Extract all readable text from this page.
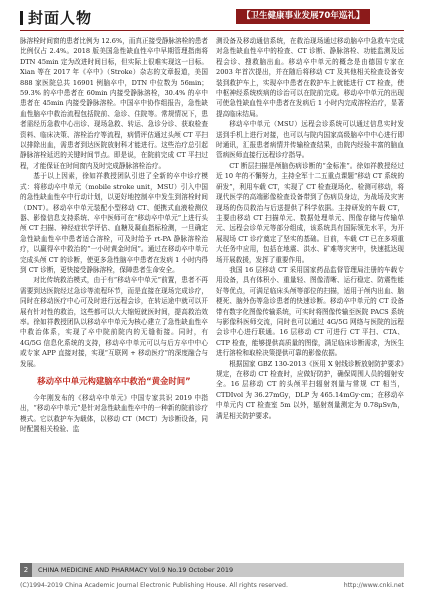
封面人物	【卫生健康事业发展70年巡礼】

脉溶栓时间窗的患者比例为 12.6%，而真正接受静脉溶栓的患者比例仅占 2.4%。2018 版美国急性缺血性卒中早期管理指南将 DTN 45min 定为改进时间目标，但实际上很难实现这一目标。Xian 等在 2017 年《卒中》（Stroke）杂志的文章报道，美国 888 家医院总共 16901 例脑卒中，DTN 中位数为 56min；59.3% 的卒中患者在 60min 内接受静脉溶栓，30.4% 的卒中患者在 45min 内接受静脉溶栓。中国卒中协作组报告，急性缺血性脑卒中救治流程包括院前、急诊、住院等。常规情况下，患者需经历急救中心出诊、现场急救、转运、急诊分诊、获取检查资料、临床决策、溶栓治疗等流程，病情评估通过头颅 CT 平扫以排除出血，需患者到达医院放射科才能进行。这些治疗总引起静脉溶栓延迟的关键时间节点。即是说，在院前完成 CT 平扫过程，才能保证在时间窗内及时完成静脉溶栓治疗。

基于以上因素，徐如祥教授团队引进了全新的卒中诊疗模式：将移动卒中单元（mobile stroke unit，MSU）引入中国的急性缺血性卒中行动计划，以更好地控制卒中发生到溶栓时间（DNT）。移动卒中单元装配小型移动 CT、便携式血液检测仪器、影像信息支持系统、卒中医师可在“移动卒中单元”上进行头颅 CT 扫描、神经症状学评估、血糖及凝血指标检测，一旦确定急性缺血性卒中患者适合溶栓，可及时给予 rt-PA 静脉溶栓治疗，以赢得卒中救治的“一小时黄金时间”。通过在移动卒中单元完成头颅 CT 的诊断，使更多急性脑卒中患者在发病 1 小时内得到 CT 诊断，更快接受静脉溶栓，保障患者生命安全。

对比传统救治模式，由于有“移动卒中单元”前置，患者不再需要到达医院经过急诊等流程环节，而是直接在现场完成诊疗，同时在移动医疗中心可及时进行远程会诊，在转运途中就可以开展有针对性的救治，这些都可以大大缩短就医时间，提高救治效率。徐如祥教授团队以移动卒中单元为核心建立了急性缺血性卒中救治体系，实现了卒中院前院内的无缝衔接。同时，有 4G/5G 信息化系统的支持，移动卒中单元可以与后方卒中中心或专家 APP 直接对接，实现“互联网 + 移动医疗”的深度融合与发展。

移动卒中单元构建脑卒中救治“黄金时间”

今年刚发布的《移动卒中单元》中国专家共识 2019 中指出，“移动卒中单元”是针对急性缺血性卒中的一种新的院前诊疗模式。它以救护车为载体，以移动 CT（MCT）为诊断设备，同时配置相关检验、监

测设备及移动通信系统，在救治现场通过移动脑卒中急救车完成对急性缺血性卒中的检查、CT 诊断、静脉溶栓、功能监测及远程会诊、搜救脑出血。移动卒中单元的概念是由德国专家在 2003 年首次提出，并在随后将移动 CT 及其他相关检查设备安装到救护车上，实现卒中患者在救护车上就能进行 CT 检查，使中枢神经系统疾病的诊治可以在院前完成。移动卒中单元的出现可使急性缺血性卒中患者在发病后 1 小时内完成溶栓治疗，显著提高临床结局。

移动卒中单元（MSU）远程会诊系统可以通过信息实时发送到手机上进行对接，也可以与院内国家高级脑卒中中心进行即时通讯，汇报患者病情并传输检查结果，由院内经验丰富的脑血管病医师直接行远程诊疗指导。

CT 断层扫描是颅脑伤病诊断的“金标准”。徐如祥教授经过近 10 年的不懈努力，主持全军十二五重点课题“移动 CT 系统的研发”，利用车载 CT，实现了 CT 检查现场化、检测可移动，将现代医学的高端影像检查设备带到了伤病员身边，为战场及灾害现场的伤员救治与后送提供了科学依据。主持研发的车载 CT，主要由移动 CT 扫描单元、数据处理单元、图像存储与传输单元、远程会诊单元等部分组成，该系统具有国际领先水平，为开展现场 CT 诊疗奠定了坚实的基础。目前，车载 CT 已在多项重大任务中应用，包括在地震、洪水、矿难等灾害中，快速抵达现场开展救援，发挥了重要作用。

我国 16 层移动 CT 采用国家药品监督管理局注册的车载专用设备，具有体积小、重量轻、图像清晰、运行稳定、防震性能好等优点，可满足临床头颅等部位的扫描，适用于颅内出血、脑梗死、脑外伤等急诊患者的快速诊断。移动卒中单元的 CT 设备带有数字化图像传输系统，可实时将图像传输至医院 PACS 系统与影像科医师交流，同时也可以通过 4G/5G 网络与医院的远程会诊中心进行联通。16 层移动 CT 可进行 CT 平扫、CTA、CTP 检查，能够提供高质量的图像，满足临床诊断需求，为医生进行溶栓和取栓决策提供可靠的影像依据。

根据国家 GBZ 130-2013《医用 X 射线诊断放射防护要求》规定，在移动 CT 检查时，应做好防护，确保周围人员的辐射安全。16 层移动 CT 的头颅平扫辐射剂量与常规 CT 相当，CTDIvol 为 36.27mGy，DLP 为 465.14mGy·cm；在移动卒中单元内 CT 检查室 5m 以外，辐射剂量测定为 0.78μSv/h，满足相关防护要求。

2	CHINA MEDICINE AND PHARMACY Vol.9 No.19 October 2019
(C)1994-2019 China Academic Journal Electronic Publishing House. All rights reserved.	http://www.cnki.net
